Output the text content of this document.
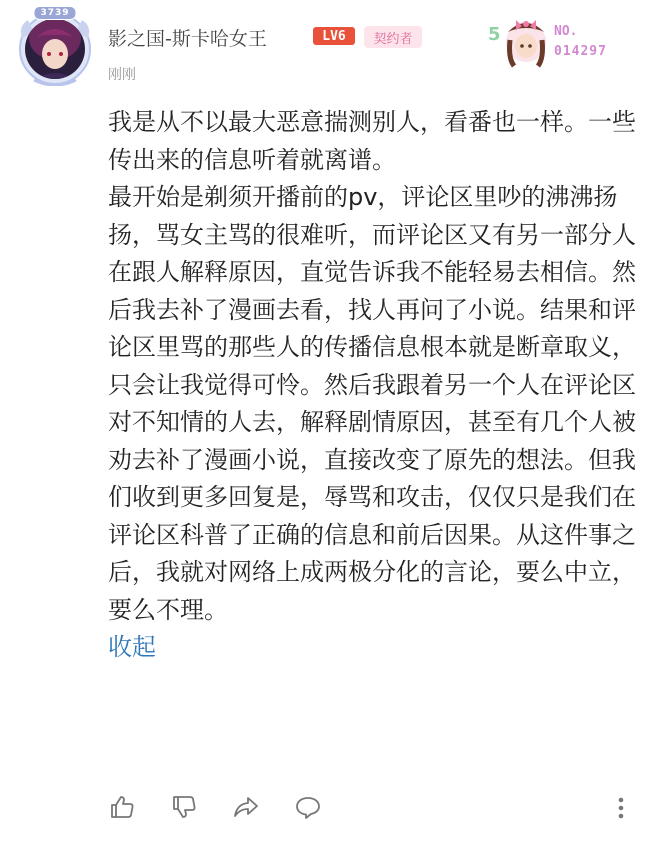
3739
影之国-斯卡哈女王	LV6	契约者
刚刚
5	NO.
014297

我是从不以最大恶意揣测别人，看番也一样。一些传出来的信息听着就离谱。

最开始是剃须开播前的pv，评论区里吵的沸沸扬扬，骂女主骂的很难听，而评论区又有另一部分人在跟人解释原因，直觉告诉我不能轻易去相信。然后我去补了漫画去看，找人再问了小说。结果和评论区里骂的那些人的传播信息根本就是断章取义，只会让我觉得可怜。然后我跟着另一个人在评论区对不知情的人去，解释剧情原因，甚至有几个人被劝去补了漫画小说，直接改变了原先的想法。但我们收到更多回复是，辱骂和攻击，仅仅只是我们在评论区科普了正确的信息和前后因果。从这件事之后，我就对网络上成两极分化的言论，要么中立，要么不理。

收起
